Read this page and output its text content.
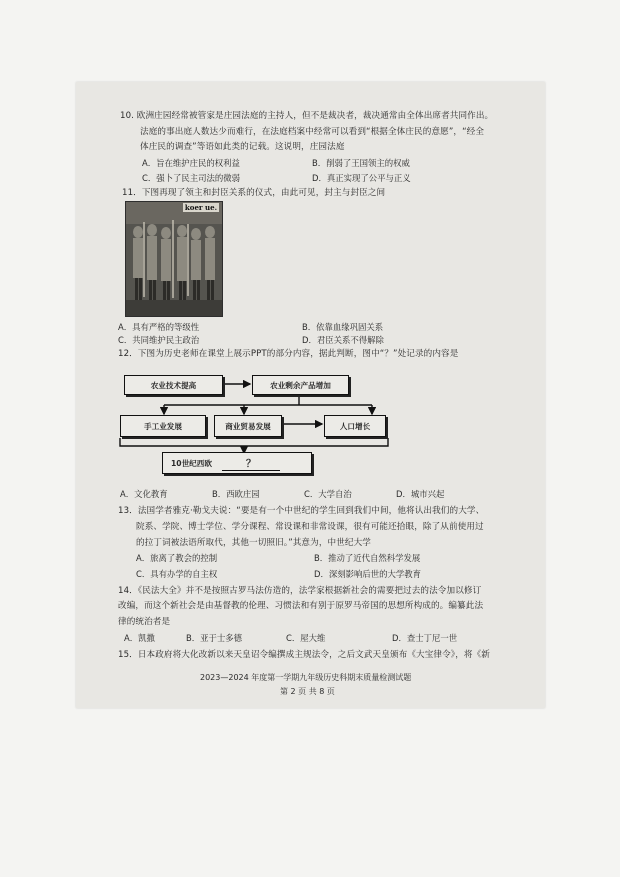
10. 欧洲庄园经常被管家是庄园法庭的主持人，但不是裁决者，裁决通常由全体出席者共同作出。
法庭的事出庭人数达少而难行，在法庭档案中经常可以看到“根据全体庄民的意愿”，“经全
体庄民的调查”等语如此类的记载。这说明，庄园法庭
A．旨在维护庄民的权利益	B．削弱了王国领主的权威
C．强卜了民主司法的微弱	D．真正实现了公平与正义
11．下图再现了领主和封臣关系的仪式，由此可见，封主与封臣之间
koer ue.
A．具有严格的等级性	B．依靠血缘巩固关系
C．共同维护民主政治	D．君臣关系不得解除
12．下图为历史老师在课堂上展示PPT的部分内容，据此判断，图中“？”处记录的内容是
农业技术提高	农业剩余产品增加
手工业发展	商业贸易发展	人口增长
10世纪西欧	？
A．文化教育	B．西欧庄园	C．大学自治	D．城市兴起
13．法国学者雅克·勒戈夫说：“要是有一个中世纪的学生回到我们中间，他将认出我们的大学、
院系、学院、博士学位、学分课程、常设课和非常设课，很有可能还拾眼，除了从前使用过
的拉丁词被法语所取代，其他一切照旧。”其意为，中世纪大学
A．旅离了教会的控制	B．推动了近代自然科学发展
C．具有办学的自主权	D．深刻影响后世的大学教育
14．《民法大全》并不是按照古罗马法仿造的，法学家根据新社会的需要把过去的法令加以修订
改编，而这个新社会是由基督教的伦理、习惯法和有别于原罗马帝国的思想所构成的。编纂此法
律的统治者是
A．凯撒	B．亚于士多德	C．屋大维	D．查士丁尼一世
15．日本政府将大化改新以来天皇诏令编撰成主规法令，之后文武天皇颁布《大宝律令》，将《新
2023—2024 年度第一学期九年级历史科期末质量检测试题
第 2 页 共 8 页
